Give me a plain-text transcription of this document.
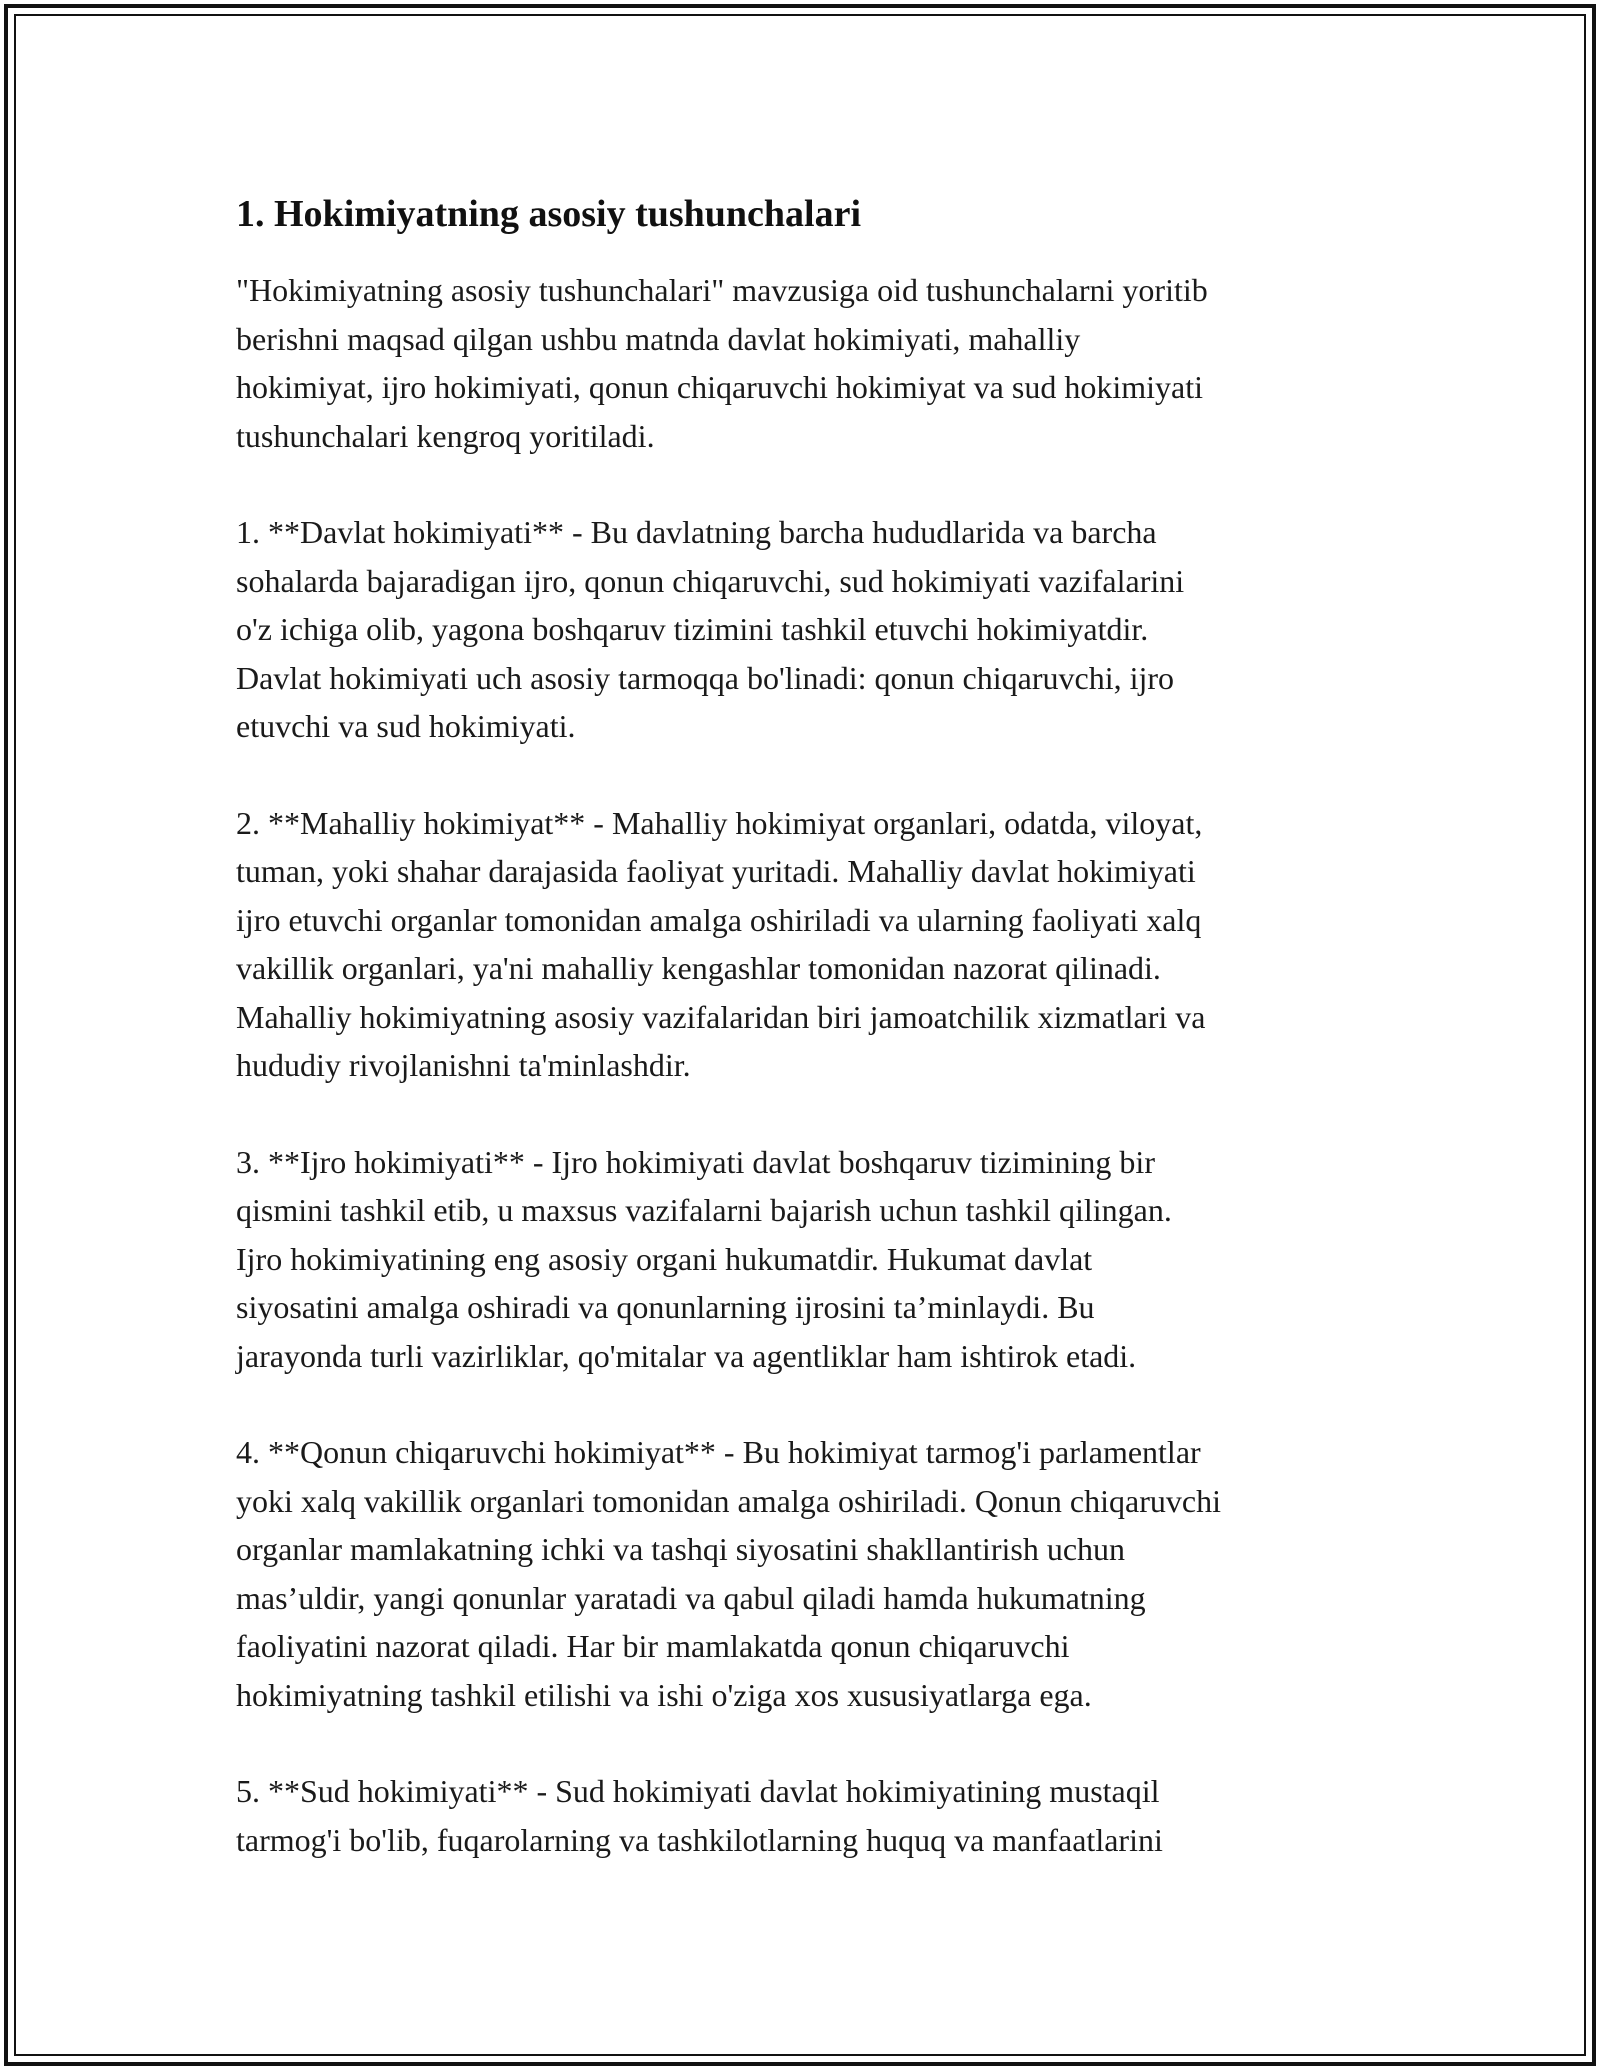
1. Hokimiyatning asosiy tushunchalari

"Hokimiyatning asosiy tushunchalari" mavzusiga oid tushunchalarni yoritib
berishni maqsad qilgan ushbu matnda davlat hokimiyati, mahalliy
hokimiyat, ijro hokimiyati, qonun chiqaruvchi hokimiyat va sud hokimiyati
tushunchalari kengroq yoritiladi.

1. **Davlat hokimiyati** - Bu davlatning barcha hududlarida va barcha
sohalarda bajaradigan ijro, qonun chiqaruvchi, sud hokimiyati vazifalarini
o'z ichiga olib, yagona boshqaruv tizimini tashkil etuvchi hokimiyatdir.
Davlat hokimiyati uch asosiy tarmoqqa bo'linadi: qonun chiqaruvchi, ijro
etuvchi va sud hokimiyati.

2. **Mahalliy hokimiyat** - Mahalliy hokimiyat organlari, odatda, viloyat,
tuman, yoki shahar darajasida faoliyat yuritadi. Mahalliy davlat hokimiyati
ijro etuvchi organlar tomonidan amalga oshiriladi va ularning faoliyati xalq
vakillik organlari, ya'ni mahalliy kengashlar tomonidan nazorat qilinadi.
Mahalliy hokimiyatning asosiy vazifalaridan biri jamoatchilik xizmatlari va
hududiy rivojlanishni ta'minlashdir.

3. **Ijro hokimiyati** - Ijro hokimiyati davlat boshqaruv tizimining bir
qismini tashkil etib, u maxsus vazifalarni bajarish uchun tashkil qilingan.
Ijro hokimiyatining eng asosiy organi hukumatdir. Hukumat davlat
siyosatini amalga oshiradi va qonunlarning ijrosini ta’minlaydi. Bu
jarayonda turli vazirliklar, qo'mitalar va agentliklar ham ishtirok etadi.

4. **Qonun chiqaruvchi hokimiyat** - Bu hokimiyat tarmog'i parlamentlar
yoki xalq vakillik organlari tomonidan amalga oshiriladi. Qonun chiqaruvchi
organlar mamlakatning ichki va tashqi siyosatini shakllantirish uchun
mas’uldir, yangi qonunlar yaratadi va qabul qiladi hamda hukumatning
faoliyatini nazorat qiladi. Har bir mamlakatda qonun chiqaruvchi
hokimiyatning tashkil etilishi va ishi o'ziga xos xususiyatlarga ega.

5. **Sud hokimiyati** - Sud hokimiyati davlat hokimiyatining mustaqil
tarmog'i bo'lib, fuqarolarning va tashkilotlarning huquq va manfaatlarini
